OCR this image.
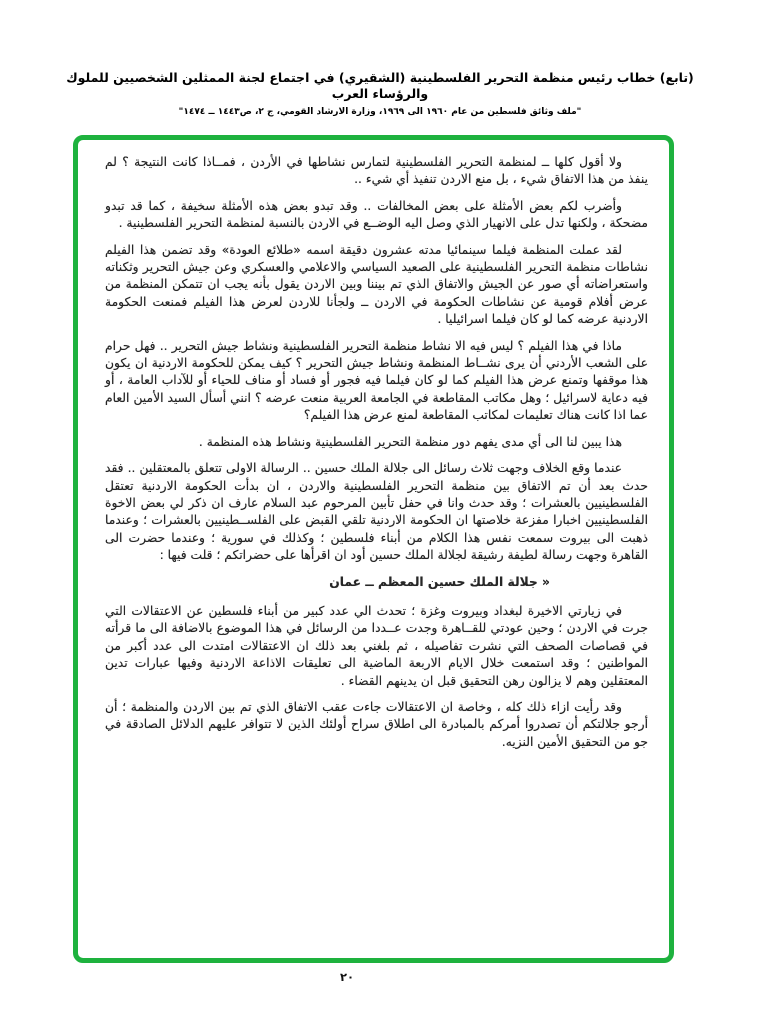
(تابع) خطاب رئيس منظمة التحرير الفلسطينية (الشقيري) في اجتماع لجنة الممثلين الشخصيين للملوك والرؤساء العرب
"ملف وثائق فلسطين من عام ١٩٦٠ الى ١٩٦٩، وزارة الارشاد القومي، ج ٢، ص١٤٤٣ ــ ١٤٧٤"

ولا أقول كلها ــ لمنظمة التحرير الفلسطينية لتمارس نشاطها في الأردن ، فمــاذا كانت النتيجة ؟ لم ينفذ من هذا الاتفاق شيء ، بل منع الاردن تنفيذ أي شيء ..

وأضرب لكم بعض الأمثلة على بعض المخالفات .. وقد تبدو بعض هذه الأمثلة سخيفة ، كما قد تبدو مضحكة ، ولكنها تدل على الانهيار الذي وصل اليه الوضــع في الاردن بالنسبة لمنظمة التحرير الفلسطينية .

لقد عملت المنظمة فيلما سينمائيا مدته عشرون دقيقة اسمه «طلائع العودة» وقد تضمن هذا الفيلم نشاطات منظمة التحرير الفلسطينية على الصعيد السياسي والاعلامي والعسكري وعن جيش التحرير وثكناته واستعراضاته أي صور عن الجيش والاتفاق الذي تم بيننا وبين الاردن يقول بأنه يجب ان تتمكن المنظمة من عرض أفلام قومية عن نشاطات الحكومة في الاردن ــ ولجأنا للاردن لعرض هذا الفيلم فمنعت الحكومة الاردنية عرضه كما لو كان فيلما اسرائيليا .

ماذا في هذا الفيلم ؟ ليس فيه الا نشاط منظمة التحرير الفلسطينية ونشاط جيش التحرير .. فهل حرام على الشعب الأردني أن يرى نشــاط المنظمة ونشاط جيش التحرير ؟ كيف يمكن للحكومة الاردنية ان يكون هذا موقفها وتمنع عرض هذا الفيلم كما لو كان فيلما فيه فجور أو فساد أو مناف للحياء أو للآداب العامة ، أو فيه دعاية لاسرائيل ؛ وهل مكاتب المقاطعة في الجامعة العربية منعت عرضه ؟ انني أسأل السيد الأمين العام عما اذا كانت هناك تعليمات لمكاتب المقاطعة لمنع عرض هذا الفيلم؟

هذا يبين لنا الى أي مدى يفهم دور منظمة التحرير الفلسطينية ونشاط هذه المنظمة .

عندما وقع الخلاف وجهت ثلاث رسائل الى جلالة الملك حسين .. الرسالة الاولى تتعلق بالمعتقلين .. فقد حدث بعد أن تم الاتفاق بين منظمة التحرير الفلسطينية والاردن ، ان بدأت الحكومة الاردنية تعتقل الفلسطينيين بالعشرات ؛ وقد حدث وانا في حفل تأبين المرحوم عبد السلام عارف ان ذكر لي بعض الاخوة الفلسطينيين اخبارا مفزعة خلاصتها ان الحكومة الاردنية تلقي القبض على الفلســطينيين بالعشرات ؛ وعندما ذهبت الى بيروت سمعت نفس هذا الكلام من أبناء فلسطين ؛ وكذلك في سورية ؛ وعندما حضرت الى القاهرة وجهت رسالة لطيفة رشيقة لجلالة الملك حسين أود ان اقرأها على حضراتكم ؛ قلت فيها :

« جلالة الملك حسين المعظم ــ عمان

في زيارتي الاخيرة لبغداد وبيروت وغزة ؛ تحدث الي عدد كبير من أبناء فلسطين عن الاعتقالات التي جرت في الاردن ؛ وحين عودتي للقــاهرة وجدت عــددا من الرسائل في هذا الموضوع بالاضافة الى ما قرأته في قصاصات الصحف التي نشرت تفاصيله ، ثم بلغني بعد ذلك ان الاعتقالات امتدت الى عدد أكبر من المواطنين ؛ وقد استمعت خلال الايام الاربعة الماضية الى تعليقات الاذاعة الاردنية وفيها عبارات تدين المعتقلين وهم لا يزالون رهن التحقيق قبل ان يدينهم القضاء .

وقد رأيت ازاء ذلك كله ، وخاصة ان الاعتقالات جاءت عقب الاتفاق الذي تم بين الاردن والمنظمة ؛ أن أرجو جلالتكم أن تصدروا أمركم بالمبادرة الى اطلاق سراح أولئك الذين لا تتوافر عليهم الدلائل الصادقة في جو من التحقيق الأمين النزيه.

٢٠
